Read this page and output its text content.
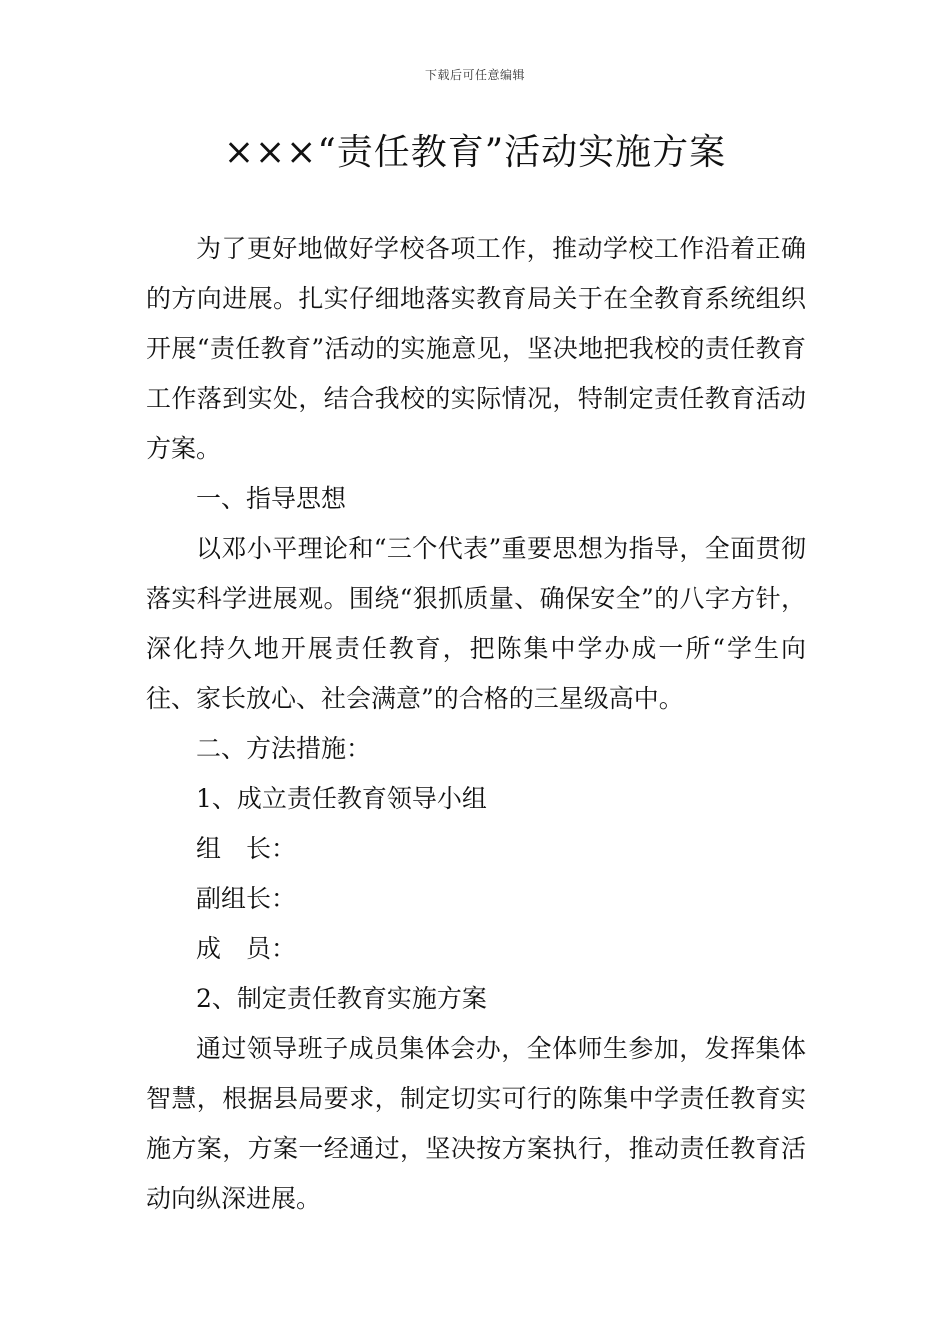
下载后可任意编辑
×××“责任教育”活动实施方案

为了更好地做好学校各项工作，推动学校工作沿着正确的方向进展。扎实仔细地落实教育局关于在全教育系统组织开展“责任教育”活动的实施意见，坚决地把我校的责任教育工作落到实处，结合我校的实际情况，特制定责任教育活动方案。

一、指导思想

以邓小平理论和“三个代表”重要思想为指导，全面贯彻落实科学进展观。围绕“狠抓质量、确保安全”的八字方针，深化持久地开展责任教育，把陈集中学办成一所“学生向往、家长放心、社会满意”的合格的三星级高中。

二、方法措施：

1、成立责任教育领导小组

组　长：

副组长：

成　员：

2、制定责任教育实施方案

通过领导班子成员集体会办，全体师生参加，发挥集体智慧，根据县局要求，制定切实可行的陈集中学责任教育实施方案，方案一经通过，坚决按方案执行，推动责任教育活动向纵深进展。
